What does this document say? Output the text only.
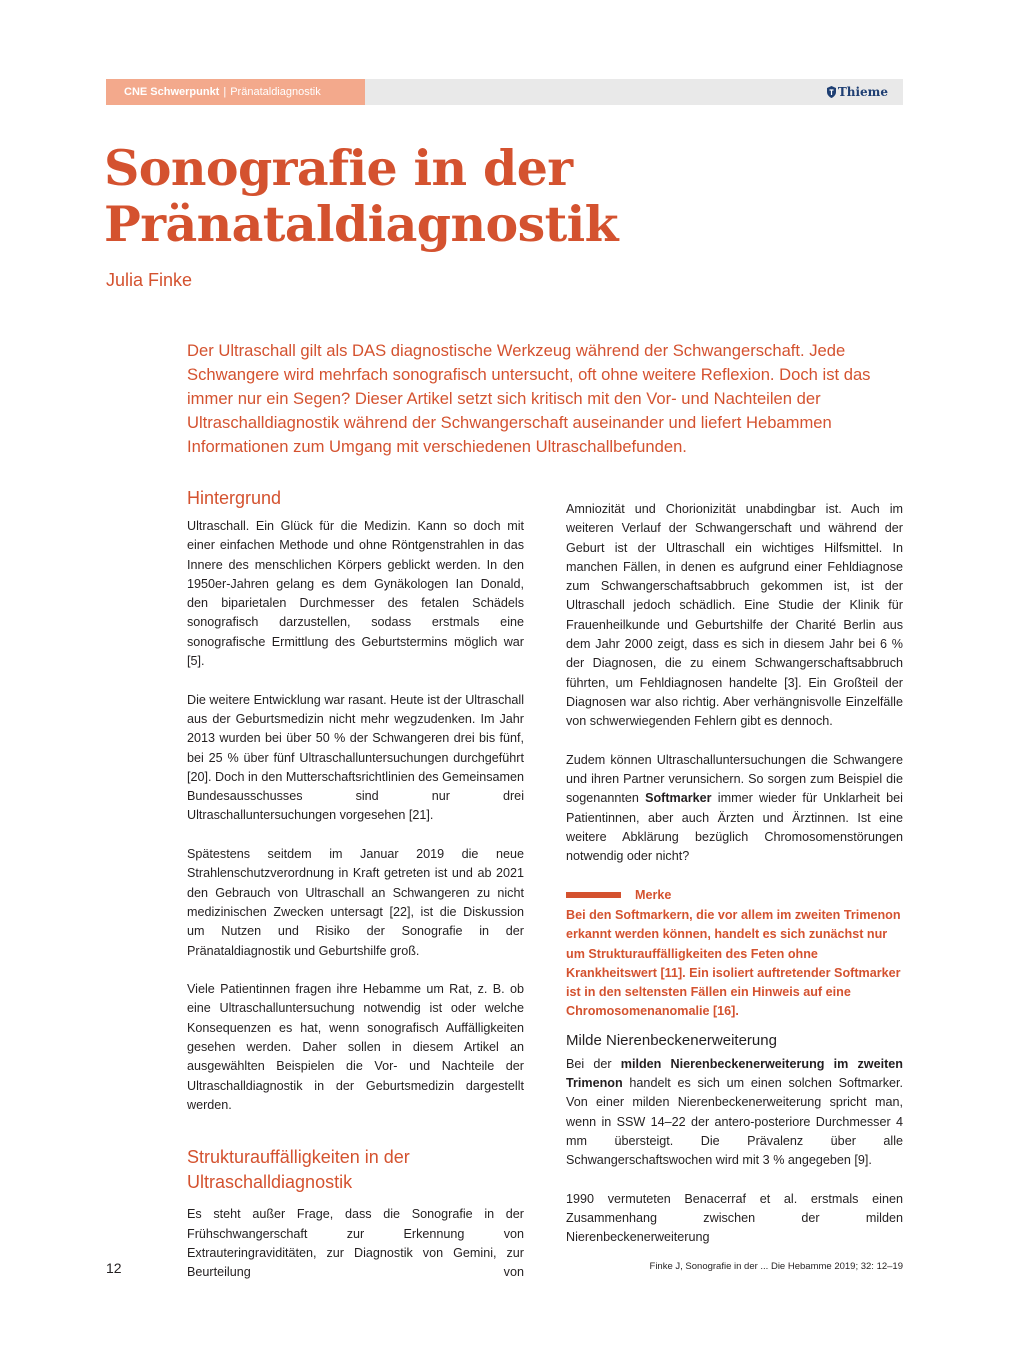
CNE Schwerpunkt | Pränataldiagnostik	Thieme
Sonografie in der Pränataldiagnostik

Julia Finke

Der Ultraschall gilt als DAS diagnostische Werkzeug während der Schwangerschaft. Jede Schwangere wird mehrfach sonografisch untersucht, oft ohne weitere Reflexion. Doch ist das immer nur ein Segen? Dieser Artikel setzt sich kritisch mit den Vor- und Nachteilen der Ultraschalldiagnostik während der Schwangerschaft auseinander und liefert Hebammen Informationen zum Umgang mit verschiedenen Ultraschallbefunden.

Hintergrund

Ultraschall. Ein Glück für die Medizin. Kann so doch mit einer einfachen Methode und ohne Röntgenstrahlen in das Innere des menschlichen Körpers geblickt werden. In den 1950er-Jahren gelang es dem Gynäkologen Ian Donald, den biparietalen Durchmesser des fetalen Schädels sonografisch darzustellen, sodass erstmals eine sonografische Ermittlung des Geburtstermins möglich war [5].

Die weitere Entwicklung war rasant. Heute ist der Ultraschall aus der Geburtsmedizin nicht mehr wegzudenken. Im Jahr 2013 wurden bei über 50 % der Schwangeren drei bis fünf, bei 25 % über fünf Ultraschalluntersuchungen durchgeführt [20]. Doch in den Mutterschaftsrichtlinien des Gemeinsamen Bundesausschusses sind nur drei Ultraschalluntersuchungen vorgesehen [21].

Spätestens seitdem im Januar 2019 die neue Strahlenschutzverordnung in Kraft getreten ist und ab 2021 den Gebrauch von Ultraschall an Schwangeren zu nicht medizinischen Zwecken untersagt [22], ist die Diskussion um Nutzen und Risiko der Sonografie in der Pränataldiagnostik und Geburtshilfe groß.

Viele Patientinnen fragen ihre Hebamme um Rat, z. B. ob eine Ultraschalluntersuchung notwendig ist oder welche Konsequenzen es hat, wenn sonografisch Auffälligkeiten gesehen werden. Daher sollen in diesem Artikel an ausgewählten Beispielen die Vor- und Nachteile der Ultraschalldiagnostik in der Geburtsmedizin dargestellt werden.

Strukturauffälligkeiten in der Ultraschalldiagnostik

Es steht außer Frage, dass die Sonografie in der Frühschwangerschaft zur Erkennung von Extrauteringraviditäten, zur Diagnostik von Gemini, zur Beurteilung von

Amniozität und Chorionizität unabdingbar ist. Auch im weiteren Verlauf der Schwangerschaft und während der Geburt ist der Ultraschall ein wichtiges Hilfsmittel. In manchen Fällen, in denen es aufgrund einer Fehldiagnose zum Schwangerschaftsabbruch gekommen ist, ist der Ultraschall jedoch schädlich. Eine Studie der Klinik für Frauenheilkunde und Geburtshilfe der Charité Berlin aus dem Jahr 2000 zeigt, dass es sich in diesem Jahr bei 6 % der Diagnosen, die zu einem Schwangerschaftsabbruch führten, um Fehldiagnosen handelte [3]. Ein Großteil der Diagnosen war also richtig. Aber verhängnisvolle Einzelfälle von schwerwiegenden Fehlern gibt es dennoch.

Zudem können Ultraschalluntersuchungen die Schwangere und ihren Partner verunsichern. So sorgen zum Beispiel die sogenannten Softmarker immer wieder für Unklarheit bei Patientinnen, aber auch Ärzten und Ärztinnen. Ist eine weitere Abklärung bezüglich Chromosomenstörungen notwendig oder nicht?

Merke

Bei den Softmarkern, die vor allem im zweiten Trimenon erkannt werden können, handelt es sich zunächst nur um Strukturauffälligkeiten des Feten ohne Krankheitswert [11]. Ein isoliert auftretender Softmarker ist in den seltensten Fällen ein Hinweis auf eine Chromosomenanomalie [16].

Milde Nierenbeckenerweiterung

Bei der milden Nierenbeckenerweiterung im zweiten Trimenon handelt es sich um einen solchen Softmarker. Von einer milden Nierenbeckenerweiterung spricht man, wenn in SSW 14–22 der antero-posteriore Durchmesser 4 mm übersteigt. Die Prävalenz über alle Schwangerschaftswochen wird mit 3 % angegeben [9].

1990 vermuteten Benacerraf et al. erstmals einen Zusammenhang zwischen der milden Nierenbeckenerweiterung

12	Finke J, Sonografie in der ... Die Hebamme 2019; 32: 12–19
